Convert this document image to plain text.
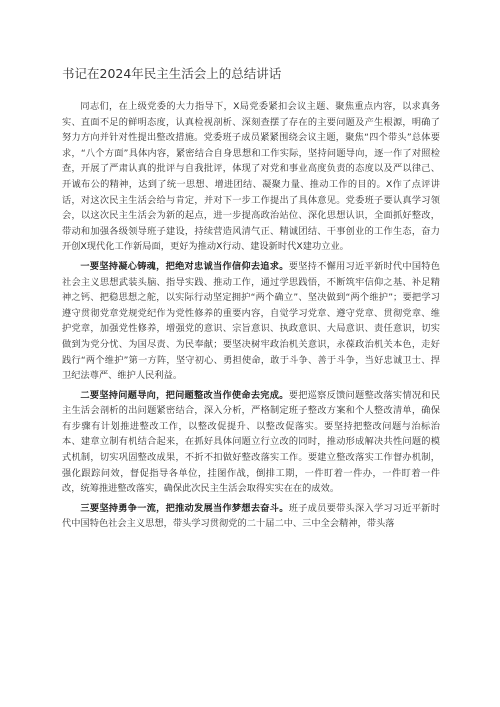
书记在2024年民主生活会上的总结讲话

同志们，在上级党委的大力指导下，X局党委紧扣会议主题、聚焦重点内容，以求真务实、直面不足的鲜明态度，认真检视剖析、深刻查摆了存在的主要问题及产生根源，明确了努力方向并针对性提出整改措施。党委班子成员紧紧围绕会议主题，聚焦“四个带头”总体要求，“八个方面”具体内容，紧密结合自身思想和工作实际，坚持问题导向，逐一作了对照检查，开展了严肃认真的批评与自我批评，体现了对党和事业高度负责的态度以及严以律己、开诚布公的精神，达到了统一思想、增进团结、凝聚力量、推动工作的目的。X作了点评讲话，对这次民主生活会给与肯定，并对下一步工作提出了具体意见。党委班子要认真学习领会，以这次民主生活会为新的起点，进一步提高政治站位、深化思想认识，全面抓好整改，带动和加强各级领导班子建设，持续营造风清气正、精诚团结、干事创业的工作生态，奋力开创X现代化工作新局面，更好为推动X行动、建设新时代X建功立业。

一要坚持凝心铸魂，把绝对忠诚当作信仰去追求。要坚持不懈用习近平新时代中国特色社会主义思想武装头脑、指导实践、推动工作，通过学思践悟，不断筑牢信仰之基、补足精神之钙、把稳思想之舵，以实际行动坚定拥护“两个确立”、坚决做到“两个维护”；要把学习遵守贯彻党章党规党纪作为党性修养的重要内容，自觉学习党章、遵守党章、贯彻党章、维护党章，加强党性修养，增强党的意识、宗旨意识、执政意识、大局意识、责任意识，切实做到为党分忧、为国尽责、为民奉献；要坚决树牢政治机关意识，永葆政治机关本色，走好践行“两个维护”第一方阵，坚守初心、勇担使命，敢于斗争、善于斗争，当好忠诚卫士、捍卫纪法尊严、维护人民利益。

二要坚持问题导向，把问题整改当作使命去完成。要把巡察反馈问题整改落实情况和民主生活会剖析的出问题紧密结合，深入分析，严格制定班子整改方案和个人整改清单，确保有步骤有计划推进整改工作，以整改促提升、以整改促落实。要坚持把整改问题与治标治本、建章立制有机结合起来，在抓好具体问题立行立改的同时，推动形成解决共性问题的模式机制，切实巩固整改成果，不折不扣做好整改落实工作。要建立整改落实工作督办机制，强化跟踪问效，督促指导各单位，挂图作战，倒排工期，一件盯着一件办，一件盯着一件改，统筹推进整改落实，确保此次民主生活会取得实实在在的成效。

三要坚持勇争一流，把推动发展当作梦想去奋斗。班子成员要带头深入学习习近平新时代中国特色社会主义思想，带头学习贯彻党的二十届二中、三中全会精神，带头落
